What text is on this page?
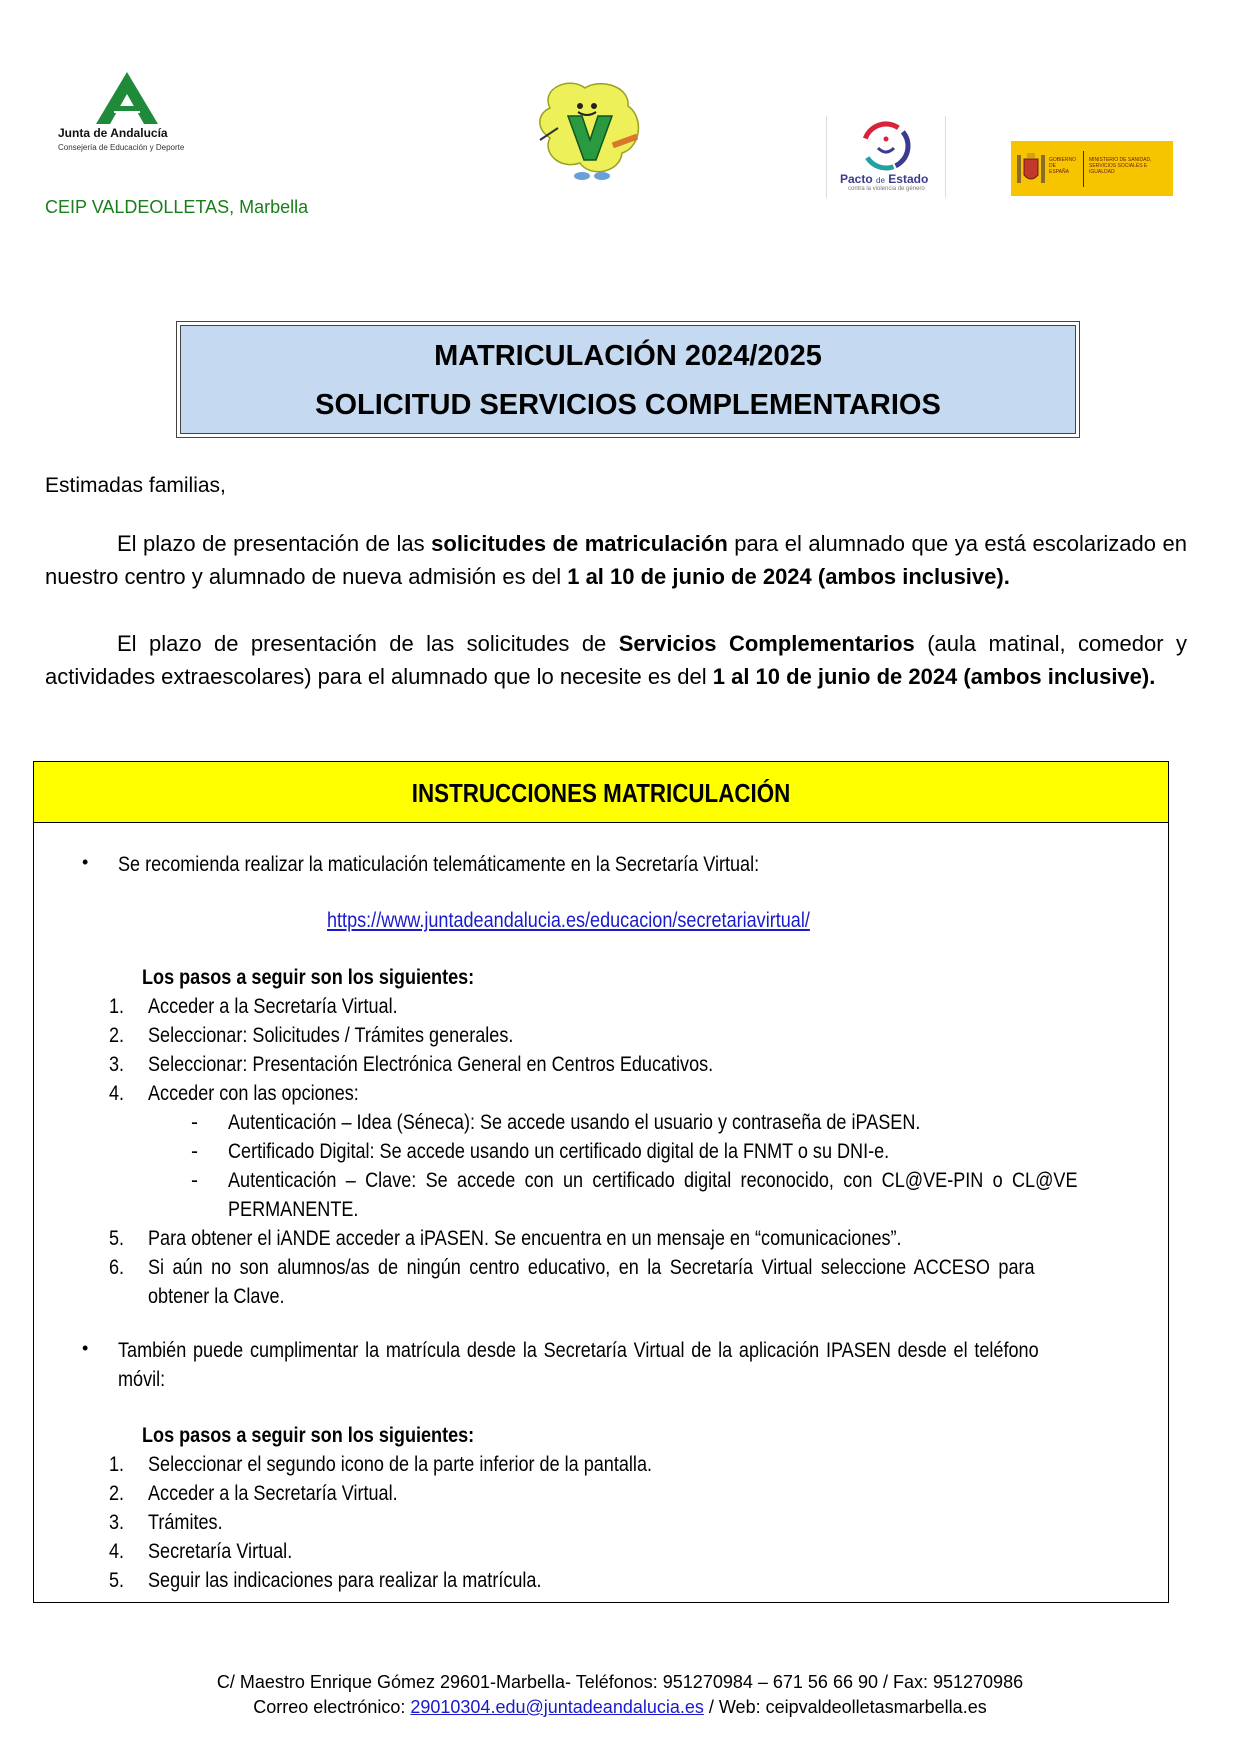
Junta de Andalucía
Consejería de Educación y Deporte
Pacto de Estado
contra la violencia de género
GOBIERNO DE ESPAÑA
MINISTERIO DE SANIDAD, SERVICIOS SOCIALES E IGUALDAD
CEIP VALDEOLLETAS, Marbella
MATRICULACIÓN 2024/2025
SOLICITUD SERVICIOS COMPLEMENTARIOS
Estimadas familias,
El plazo de presentación de las solicitudes de matriculación para el alumnado que ya está escolarizado en nuestro centro y alumnado de nueva admisión es del 1 al 10 de junio de 2024 (ambos inclusive).
El plazo de presentación de las solicitudes de Servicios Complementarios (aula matinal, comedor y actividades extraescolares) para el alumnado que lo necesite es del 1 al 10 de junio de 2024 (ambos inclusive).
INSTRUCCIONES MATRICULACIÓN
• Se recomienda realizar la maticulación telemáticamente en la Secretaría Virtual:
https://www.juntadeandalucia.es/educacion/secretariavirtual/
Los pasos a seguir son los siguientes:
1. Acceder a la Secretaría Virtual.
2. Seleccionar: Solicitudes / Trámites generales.
3. Seleccionar: Presentación Electrónica General en Centros Educativos.
4. Acceder con las opciones:
- Autenticación – Idea (Séneca): Se accede usando el usuario y contraseña de iPASEN.
- Certificado Digital: Se accede usando un certificado digital de la FNMT o su DNI-e.
- Autenticación – Clave: Se accede con un certificado digital reconocido, con CL@VE-PIN o CL@VE
PERMANENTE.
5. Para obtener el iANDE acceder a iPASEN. Se encuentra en un mensaje en “comunicaciones”.
6. Si aún no son alumnos/as de ningún centro educativo, en la Secretaría Virtual seleccione ACCESO para
obtener la Clave.
• También puede cumplimentar la matrícula desde la Secretaría Virtual de la aplicación IPASEN desde el teléfono
móvil:
Los pasos a seguir son los siguientes:
1. Seleccionar el segundo icono de la parte inferior de la pantalla.
2. Acceder a la Secretaría Virtual.
3. Trámites.
4. Secretaría Virtual.
5. Seguir las indicaciones para realizar la matrícula.
C/ Maestro Enrique Gómez 29601-Marbella- Teléfonos: 951270984 – 671 56 66 90 / Fax: 951270986
Correo electrónico: 29010304.edu@juntadeandalucia.es / Web: ceipvaldeolletasmarbella.es
